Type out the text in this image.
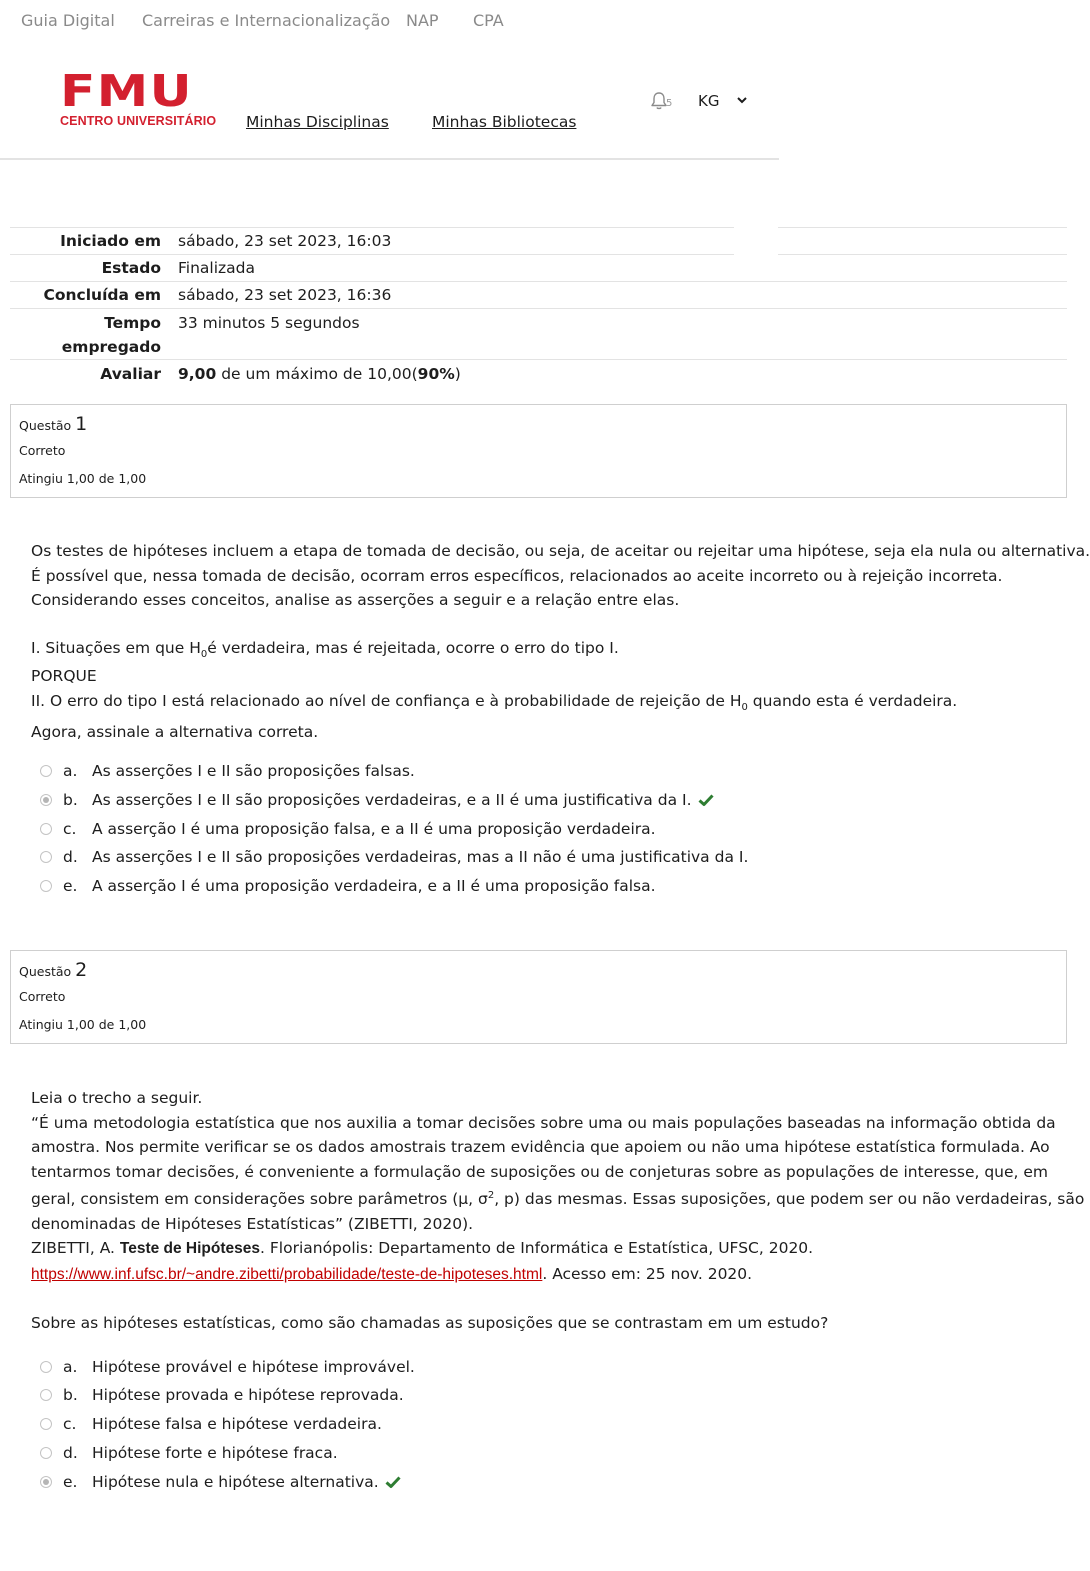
Guia Digital Carreiras e Internacionalização NAP CPA
FMU
CENTRO UNIVERSITÁRIO Minhas Disciplinas	Minhas Bibliotecas
5 KG
Iniciado em sábado, 23 set 2023, 16:03
Estado Finalizada
Concluída em sábado, 23 set 2023, 16:36
Tempo
empregado
33 minutos 5 segundos
Avaliar 9,00 de um máximo de 10,00(90%)
Questão 1
Correto
Atingiu 1,00 de 1,00
Os testes de hipóteses incluem a etapa de tomada de decisão, ou seja, de aceitar ou rejeitar uma hipótese, seja ela nula ou alternativa.
É possível que, nessa tomada de decisão, ocorram erros específicos, relacionados ao aceite incorreto ou à rejeição incorreta.
Considerando esses conceitos, analise as asserções a seguir e a relação entre elas.
I. Situações em que $H_0é$ verdadeira, mas é rejeitada, ocorre o erro do tipo I.
PORQUE
II. O erro do tipo I está relacionado ao nível de confiança e à probabilidade de rejeição de $H_0$ quando esta é verdadeira.
Agora, assinale a alternativa correta.
a. As asserções I e II são proposições falsas.
b. As asserções I e II são proposições verdadeiras, e a II é uma justificativa da I.
c. A asserção I é uma proposição falsa, e a II é uma proposição verdadeira.
d. As asserções I e II são proposições verdadeiras, mas a II não é uma justificativa da I.
e. A asserção I é uma proposição verdadeira, e a II é uma proposição falsa.
Questão 2
Correto
Atingiu 1,00 de 1,00
Leia o trecho a seguir.
“É uma metodologia estatística que nos auxilia a tomar decisões sobre uma ou mais populações baseadas na informação obtida da
amostra. Nos permite verificar se os dados amostrais trazem evidência que apoiem ou não uma hipótese estatística formulada. Ao
tentarmos tomar decisões, é conveniente a formulação de suposições ou de conjeturas sobre as populações de interesse, que, em
geral, consistem em considerações sobre parâmetros (μ, $\sigma^2$, p) das mesmas. Essas suposições, que podem ser ou não verdadeiras, são
denominadas de Hipóteses Estatísticas” (ZIBETTI, 2020).
ZIBETTI, A. Teste de Hipóteses. Florianópolis: Departamento de Informática e Estatística, UFSC, 2020.
https://www.inf.ufsc.br/~andre.zibetti/probabilidade/teste-de-hipoteses.html. Acesso em: 25 nov. 2020.
Sobre as hipóteses estatísticas, como são chamadas as suposições que se contrastam em um estudo?
a. Hipótese provável e hipótese improvável.
b. Hipótese provada e hipótese reprovada.
c. Hipótese falsa e hipótese verdadeira.
d. Hipótese forte e hipótese fraca.
e. Hipótese nula e hipótese alternativa.
